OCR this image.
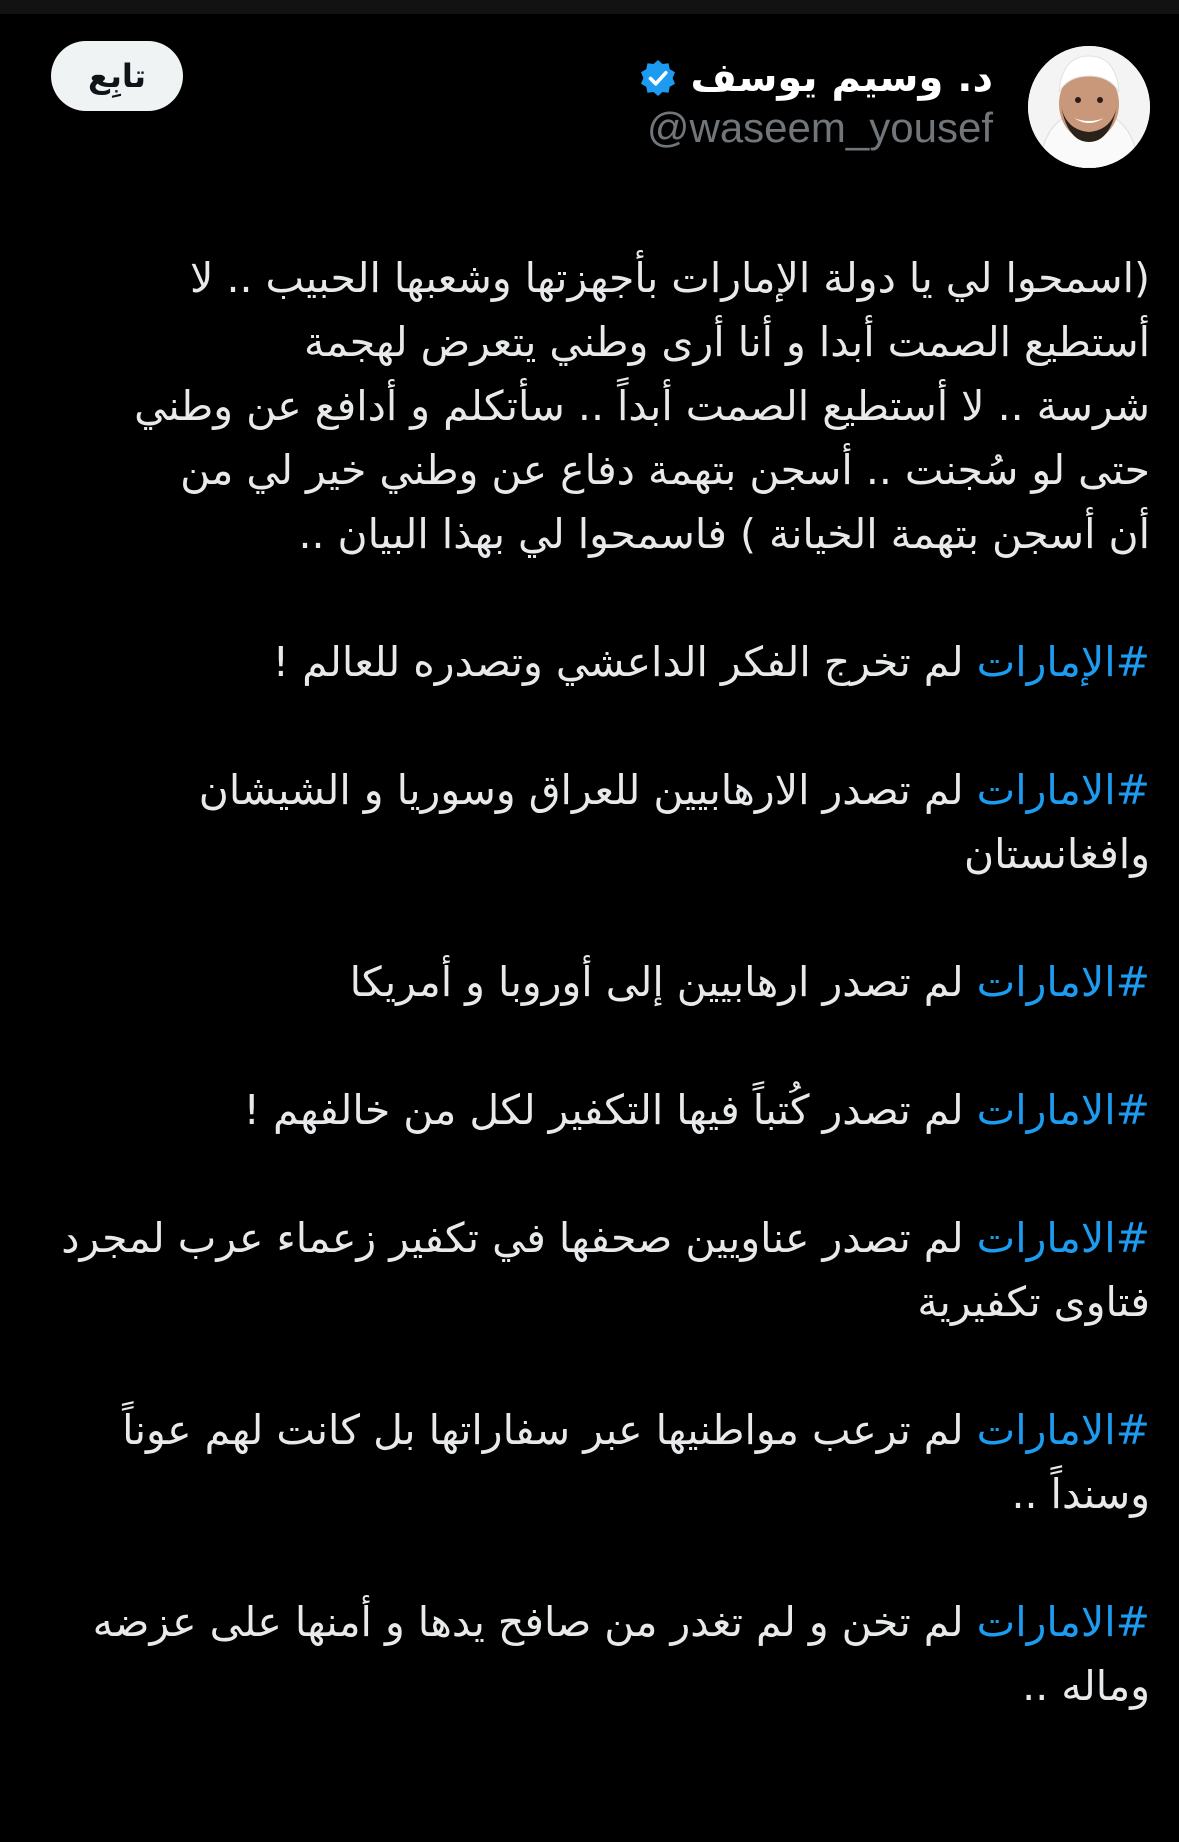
د. وسيم يوسف
@waseem_yousef
تابِع

(اسمحوا لي يا دولة الإمارات بأجهزتها وشعبها الحبيب .. لا
أستطيع الصمت أبدا و أنا أرى وطني يتعرض لهجمة
شرسة .. لا أستطيع الصمت أبداً .. سأتكلم و أدافع عن وطني
حتى لو سُجنت .. أسجن بتهمة دفاع عن وطني خير لي من
أن أسجن بتهمة الخيانة ) فاسمحوا لي بهذا البيان ..

#الإمارات لم تخرج الفكر الداعشي وتصدره للعالم !

#الامارات لم تصدر الارهابيين للعراق وسوريا و الشيشان وافغانستان

#الامارات لم تصدر ارهابيين إلى أوروبا و أمريكا

#الامارات لم تصدر كُتباً فيها التكفير لكل من خالفهم !

#الامارات لم تصدر عناويين صحفها في تكفير زعماء عرب لمجرد فتاوى تكفيرية

#الامارات لم ترعب مواطنيها عبر سفاراتها بل كانت لهم عوناً وسنداً ..

#الامارات لم تخن و لم تغدر من صافح يدها و أمنها على عزضه وماله ..
